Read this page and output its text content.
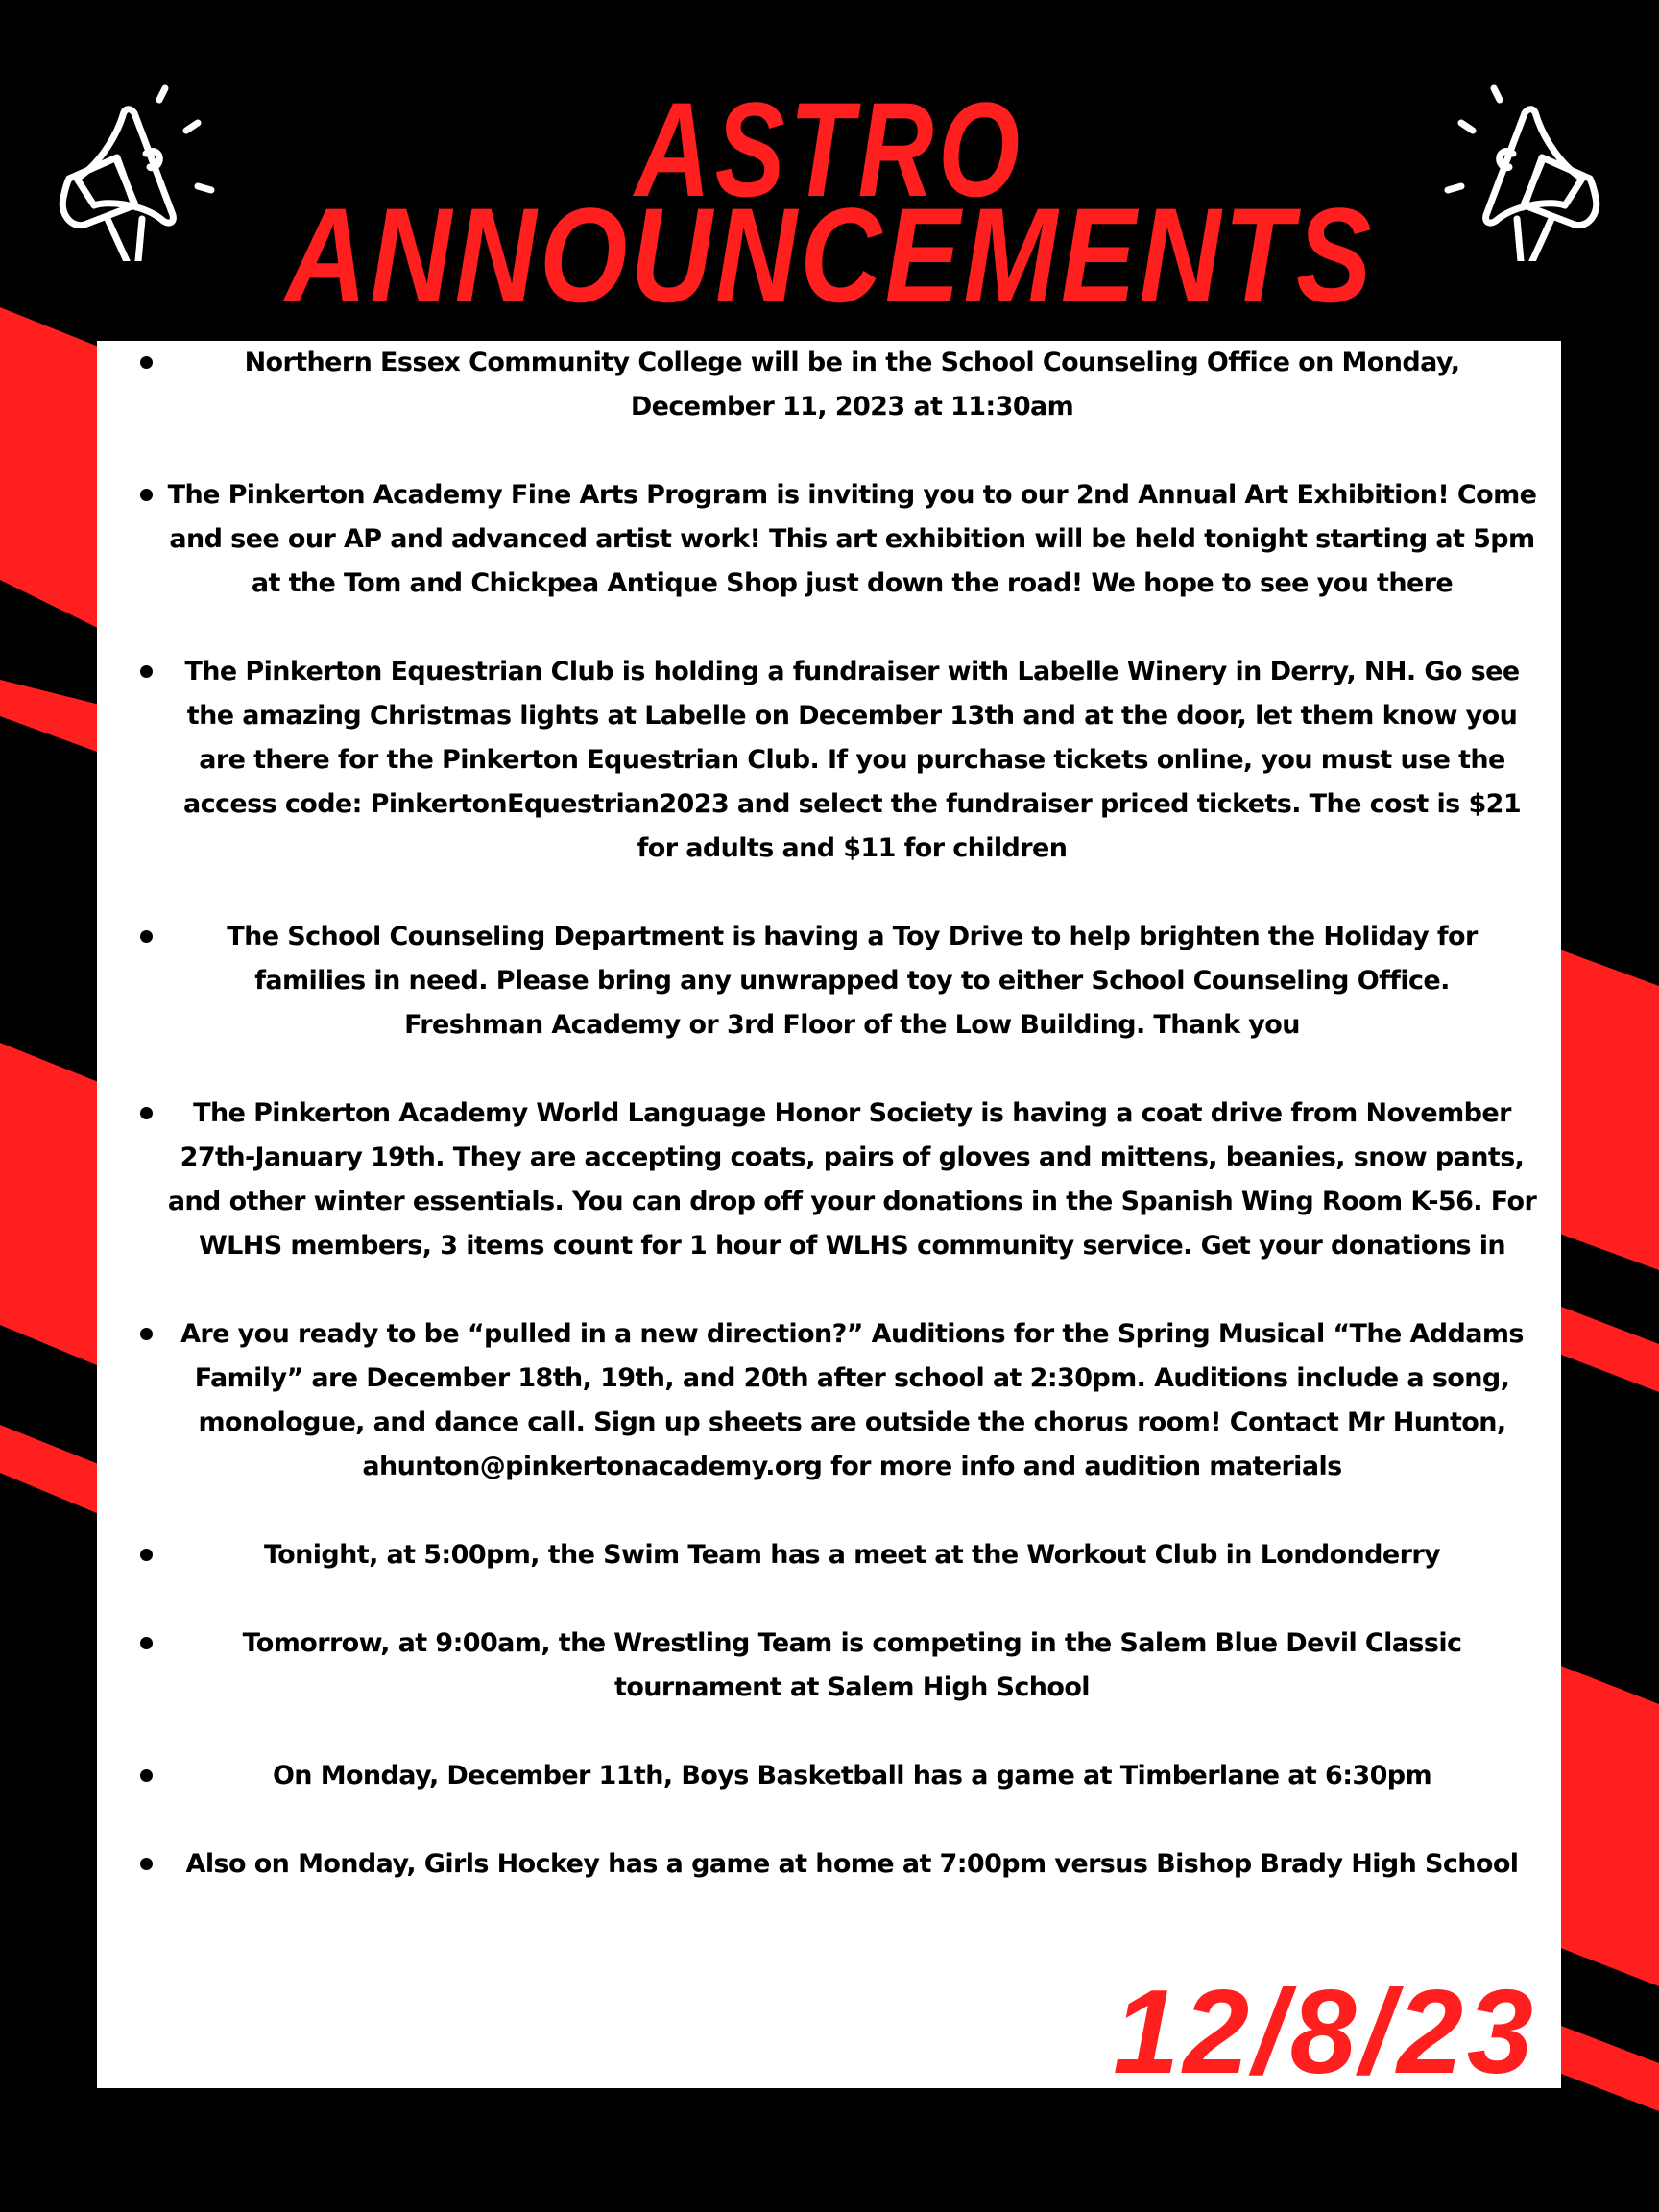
ASTRO
ANNOUNCEMENTS
Northern Essex Community College will be in the School Counseling Office on Monday, December 11, 2023 at 11:30am
The Pinkerton Academy Fine Arts Program is inviting you to our 2nd Annual Art Exhibition! Come and see our AP and advanced artist work! This art exhibition will be held tonight starting at 5pm at the Tom and Chickpea Antique Shop just down the road! We hope to see you there
The Pinkerton Equestrian Club is holding a fundraiser with Labelle Winery in Derry, NH. Go see the amazing Christmas lights at Labelle on December 13th and at the door, let them know you are there for the Pinkerton Equestrian Club. If you purchase tickets online, you must use the access code: PinkertonEquestrian2023 and select the fundraiser priced tickets. The cost is $21 for adults and $11 for children
The School Counseling Department is having a Toy Drive to help brighten the Holiday for families in need. Please bring any unwrapped toy to either School Counseling Office. Freshman Academy or 3rd Floor of the Low Building. Thank you
The Pinkerton Academy World Language Honor Society is having a coat drive from November 27th-January 19th. They are accepting coats, pairs of gloves and mittens, beanies, snow pants, and other winter essentials. You can drop off your donations in the Spanish Wing Room K-56. For WLHS members, 3 items count for 1 hour of WLHS community service. Get your donations in
Are you ready to be “pulled in a new direction?” Auditions for the Spring Musical “The Addams Family” are December 18th, 19th, and 20th after school at 2:30pm. Auditions include a song, monologue, and dance call. Sign up sheets are outside the chorus room! Contact Mr Hunton, ahunton@pinkertonacademy.org for more info and audition materials
Tonight, at 5:00pm, the Swim Team has a meet at the Workout Club in Londonderry
Tomorrow, at 9:00am, the Wrestling Team is competing in the Salem Blue Devil Classic tournament at Salem High School
On Monday, December 11th, Boys Basketball has a game at Timberlane at 6:30pm
Also on Monday, Girls Hockey has a game at home at 7:00pm versus Bishop Brady High School
12/8/23
